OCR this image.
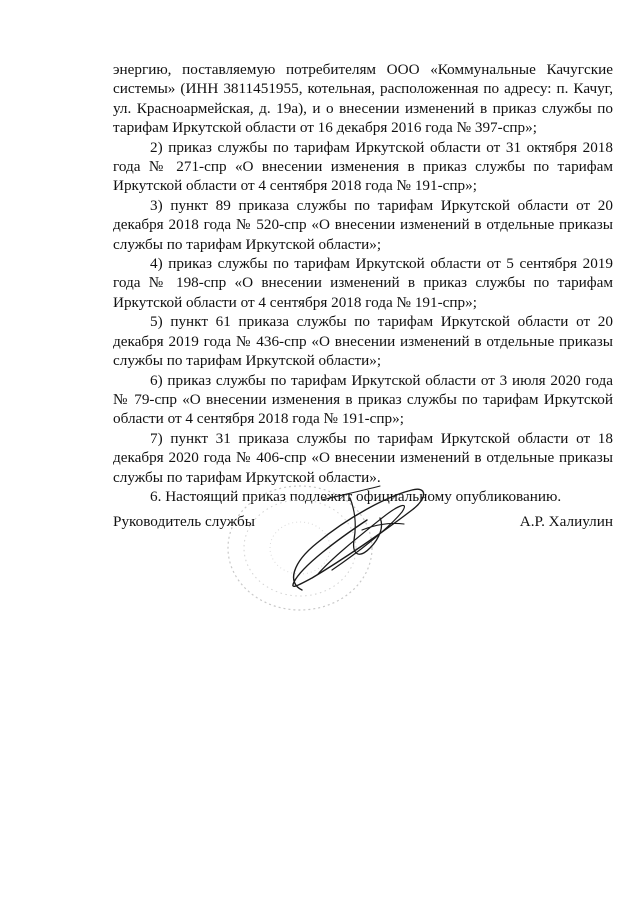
энергию, поставляемую потребителям ООО «Коммунальные Качугские системы» (ИНН 3811451955, котельная, расположенная по адресу: п. Качуг, ул. Красноармейская, д. 19а), и о внесении изменений в приказ службы по тарифам Иркутской области от 16 декабря 2016 года № 397-спр»;

2) приказ службы по тарифам Иркутской области от 31 октября 2018 года № 271-спр «О внесении изменения в приказ службы по тарифам Иркутской области от 4 сентября 2018 года № 191-спр»;

3) пункт 89 приказа службы по тарифам Иркутской области от 20 декабря 2018 года № 520-спр «О внесении изменений в отдельные приказы службы по тарифам Иркутской области»;

4) приказ службы по тарифам Иркутской области от 5 сентября 2019 года № 198-спр «О внесении изменений в приказ службы по тарифам Иркутской области от 4 сентября 2018 года № 191-спр»;

5) пункт 61 приказа службы по тарифам Иркутской области от 20 декабря 2019 года № 436-спр «О внесении изменений в отдельные приказы службы по тарифам Иркутской области»;

6) приказ службы по тарифам Иркутской области от 3 июля 2020 года № 79-спр «О внесении изменения в приказ службы по тарифам Иркутской области от 4 сентября 2018 года № 191-спр»;

7) пункт 31 приказа службы по тарифам Иркутской области от 18 декабря 2020 года № 406-спр «О внесении изменений в отдельные приказы службы по тарифам Иркутской области».

6. Настоящий приказ подлежит официальному опубликованию.

Руководитель службы	А.Р. Халиулин
